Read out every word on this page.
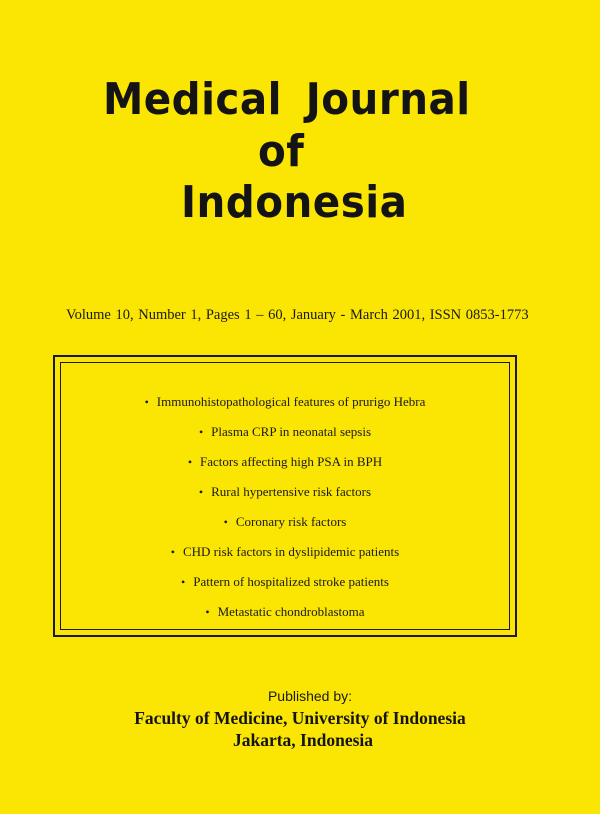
Medical Journal
of
Indonesia
Volume 10, Number 1, Pages 1 – 60, January - March 2001, ISSN 0853-1773
• Immunohistopathological features of prurigo Hebra
• Plasma CRP in neonatal sepsis
• Factors affecting high PSA in BPH
• Rural hypertensive risk factors
• Coronary risk factors
• CHD risk factors in dyslipidemic patients
• Pattern of hospitalized stroke patients
• Metastatic chondroblastoma
Published by:
Faculty of Medicine, University of Indonesia
Jakarta, Indonesia
